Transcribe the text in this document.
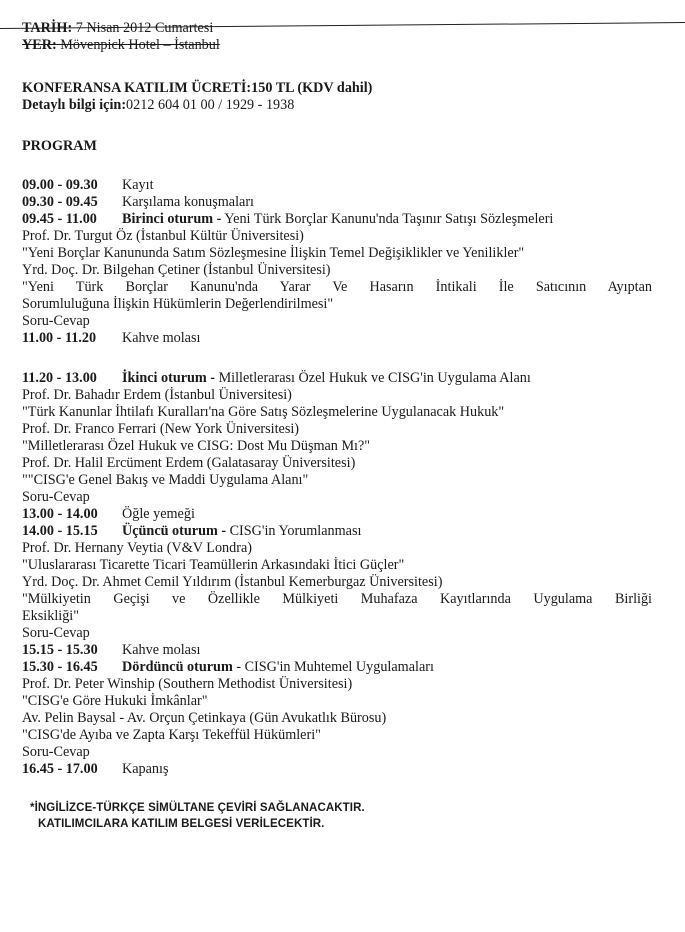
TARİH: 7 Nisan 2012 Cumartesi
YER: Mövenpick Hotel – İstanbul
KONFERANSA KATILIM ÜCRETİ:150 TL (KDV dahil)
Detaylı bilgi için:0212 604 01 00 / 1929 - 1938
PROGRAM
09.00 - 09.30 Kayıt
09.30 - 09.45 Karşılama konuşmaları
09.45 - 11.00 Birinci oturum - Yeni Türk Borçlar Kanunu'nda Taşınır Satışı Sözleşmeleri
Prof. Dr. Turgut Öz (İstanbul Kültür Üniversitesi)
"Yeni Borçlar Kanununda Satım Sözleşmesine İlişkin Temel Değişiklikler ve Yenilikler"
Yrd. Doç. Dr. Bilgehan Çetiner (İstanbul Üniversitesi)
"Yeni Türk Borçlar Kanunu'nda Yarar Ve Hasarın İntikali İle Satıcının Ayıptan
Sorumluluğuna İlişkin Hükümlerin Değerlendirilmesi"
Soru-Cevap
11.00 - 11.20 Kahve molası
11.20 - 13.00 İkinci oturum - Milletlerarası Özel Hukuk ve CISG'in Uygulama Alanı
Prof. Dr. Bahadır Erdem (İstanbul Üniversitesi)
"Türk Kanunlar İhtilafı Kuralları'na Göre Satış Sözleşmelerine Uygulanacak Hukuk"
Prof. Dr. Franco Ferrari (New York Üniversitesi)
"Milletlerarası Özel Hukuk ve CISG: Dost Mu Düşman Mı?"
Prof. Dr. Halil Ercüment Erdem (Galatasaray Üniversitesi)
""CISG'e Genel Bakış ve Maddi Uygulama Alanı"
Soru-Cevap
13.00 - 14.00 Öğle yemeği
14.00 - 15.15 Üçüncü oturum - CISG'in Yorumlanması
Prof. Dr. Hernany Veytia (V&V Londra)
"Uluslararası Ticarette Ticari Teamüllerin Arkasındaki İtici Güçler"
Yrd. Doç. Dr. Ahmet Cemil Yıldırım (İstanbul Kemerburgaz Üniversitesi)
"Mülkiyetin Geçişi ve Özellikle Mülkiyeti Muhafaza Kayıtlarında Uygulama Birliği
Eksikliği"
Soru-Cevap
15.15 - 15.30 Kahve molası
15.30 - 16.45 Dördüncü oturum - CISG'in Muhtemel Uygulamaları
Prof. Dr. Peter Winship (Southern Methodist Üniversitesi)
"CISG'e Göre Hukuki İmkânlar"
Av. Pelin Baysal - Av. Orçun Çetinkaya (Gün Avukatlık Bürosu)
"CISG'de Ayıba ve Zapta Karşı Tekeffül Hükümleri"
Soru-Cevap
16.45 - 17.00 Kapanış
*İNGİLİZCE-TÜRKÇE SİMÜLTANE ÇEVİRİ SAĞLANACAKTIR.
KATILIMCILARA KATILIM BELGESİ VERİLECEKTİR.
